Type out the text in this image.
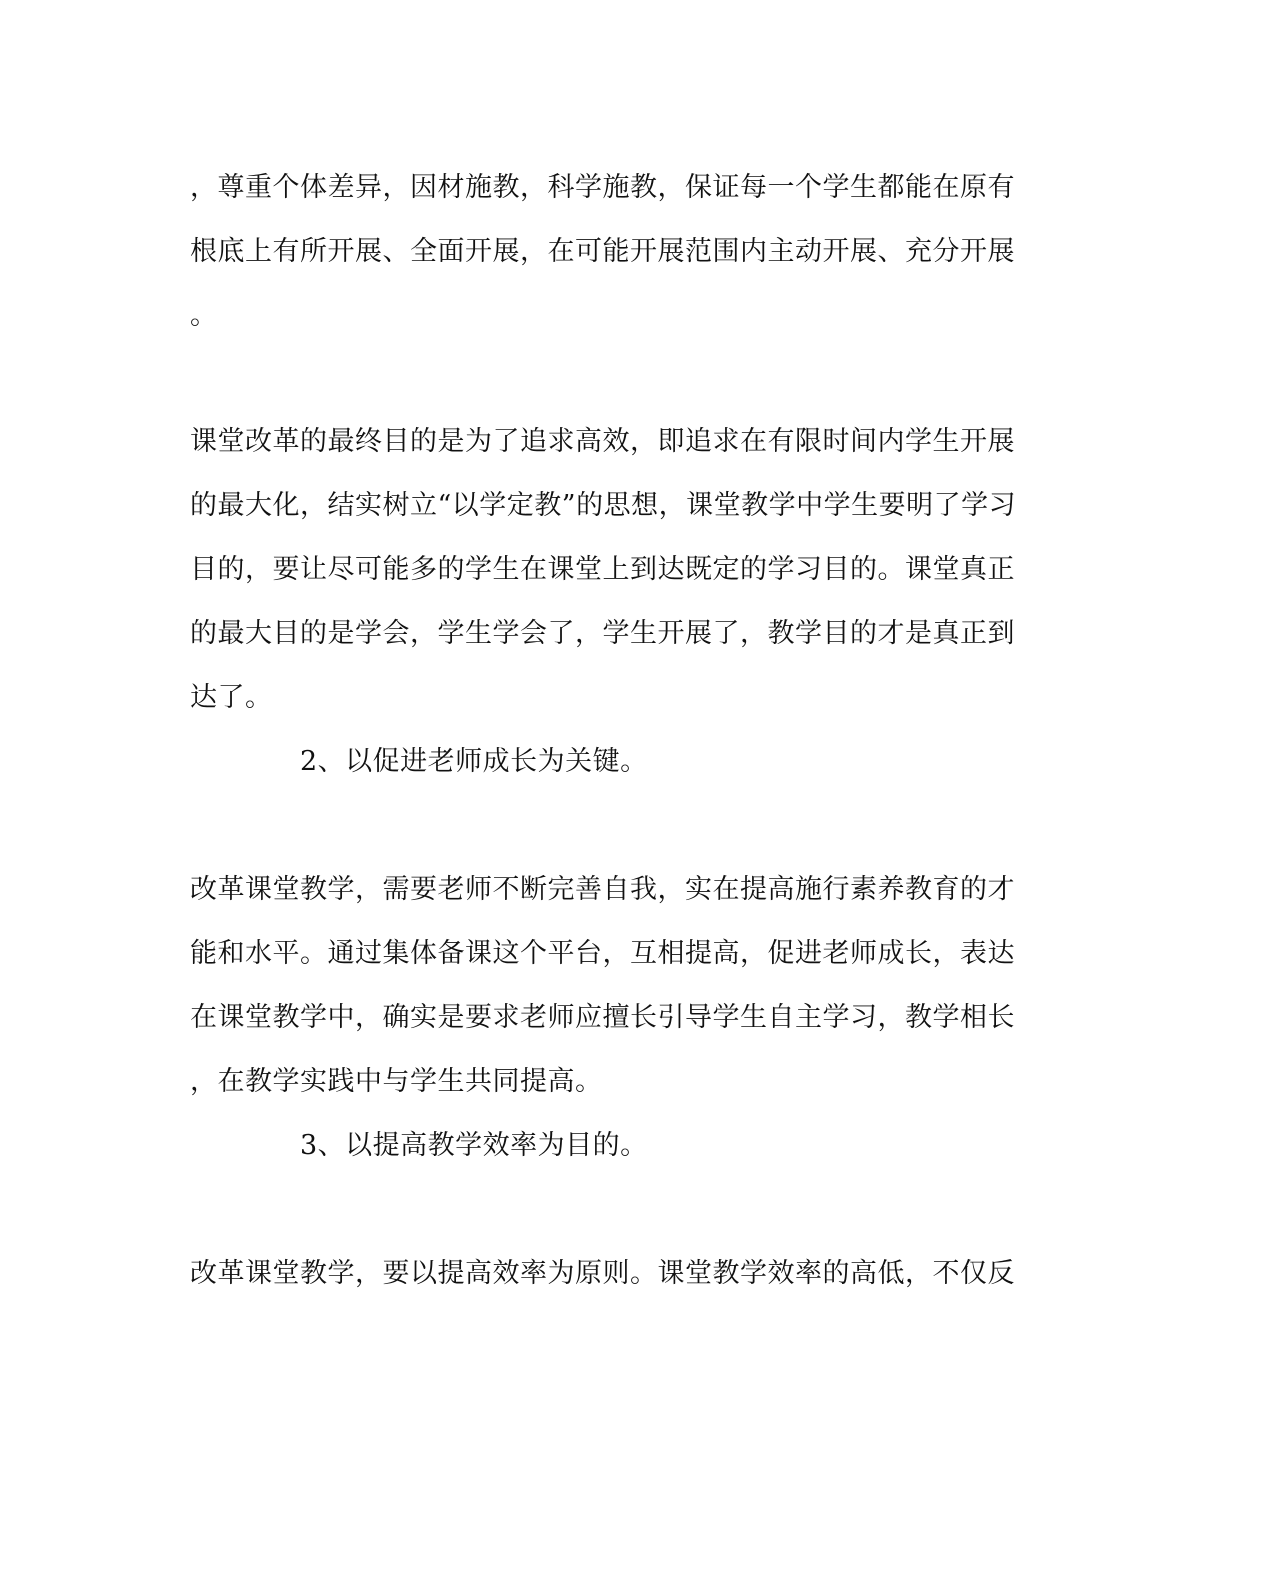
，尊重个体差异，因材施教，科学施教，保证每一个学生都能在原有
根底上有所开展、全面开展，在可能开展范围内主动开展、充分开展
。
课堂改革的最终目的是为了追求高效，即追求在有限时间内学生开展
的最大化，结实树立“以学定教”的思想，课堂教学中学生要明了学习
目的，要让尽可能多的学生在课堂上到达既定的学习目的。课堂真正
的最大目的是学会，学生学会了，学生开展了，教学目的才是真正到
达了。
2、以促进老师成长为关键。
改革课堂教学，需要老师不断完善自我，实在提高施行素养教育的才
能和水平。通过集体备课这个平台，互相提高，促进老师成长，表达
在课堂教学中，确实是要求老师应擅长引导学生自主学习，教学相长
，在教学实践中与学生共同提高。
3、以提高教学效率为目的。
改革课堂教学，要以提高效率为原则。课堂教学效率的高低，不仅反
